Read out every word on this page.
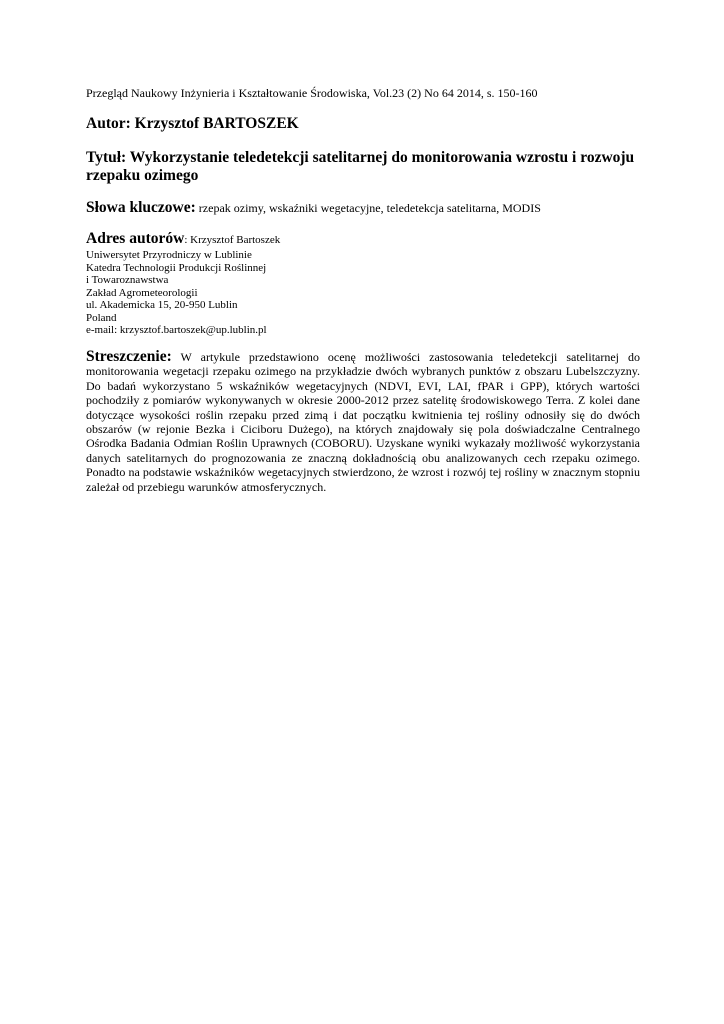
Przegląd Naukowy Inżynieria i Kształtowanie Środowiska, Vol.23 (2) No 64 2014, s. 150-160
Autor: Krzysztof BARTOSZEK
Tytuł: Wykorzystanie teledetekcji satelitarnej do monitorowania wzrostu i rozwoju rzepaku ozimego
Słowa kluczowe: rzepak ozimy, wskaźniki wegetacyjne, teledetekcja satelitarna, MODIS
Adres autorów: Krzysztof Bartoszek
Uniwersytet Przyrodniczy w Lublinie
Katedra Technologii Produkcji Roślinnej
i Towaroznawstwa
Zakład Agrometeorologii
ul. Akademicka 15, 20-950 Lublin
Poland
e-mail: krzysztof.bartoszek@up.lublin.pl
Streszczenie: W artykule przedstawiono ocenę możliwości zastosowania teledetekcji satelitarnej do monitorowania wegetacji rzepaku ozimego na przykładzie dwóch wybranych punktów z obszaru Lubelszczyzny. Do badań wykorzystano 5 wskaźników wegetacyjnych (NDVI, EVI, LAI, fPAR i GPP), których wartości pochodziły z pomiarów wykonywanych w okresie 2000-2012 przez satelitę środowiskowego Terra. Z kolei dane dotyczące wysokości roślin rzepaku przed zimą i dat początku kwitnienia tej rośliny odnosiły się do dwóch obszarów (w rejonie Bezka i Ciciboru Dużego), na których znajdowały się pola doświadczalne Centralnego Ośrodka Badania Odmian Roślin Uprawnych (COBORU). Uzyskane wyniki wykazały możliwość wykorzystania danych satelitarnych do prognozowania ze znaczną dokładnością obu analizowanych cech rzepaku ozimego. Ponadto na podstawie wskaźników wegetacyjnych stwierdzono, że wzrost i rozwój tej rośliny w znacznym stopniu zależał od przebiegu warunków atmosferycznych.
